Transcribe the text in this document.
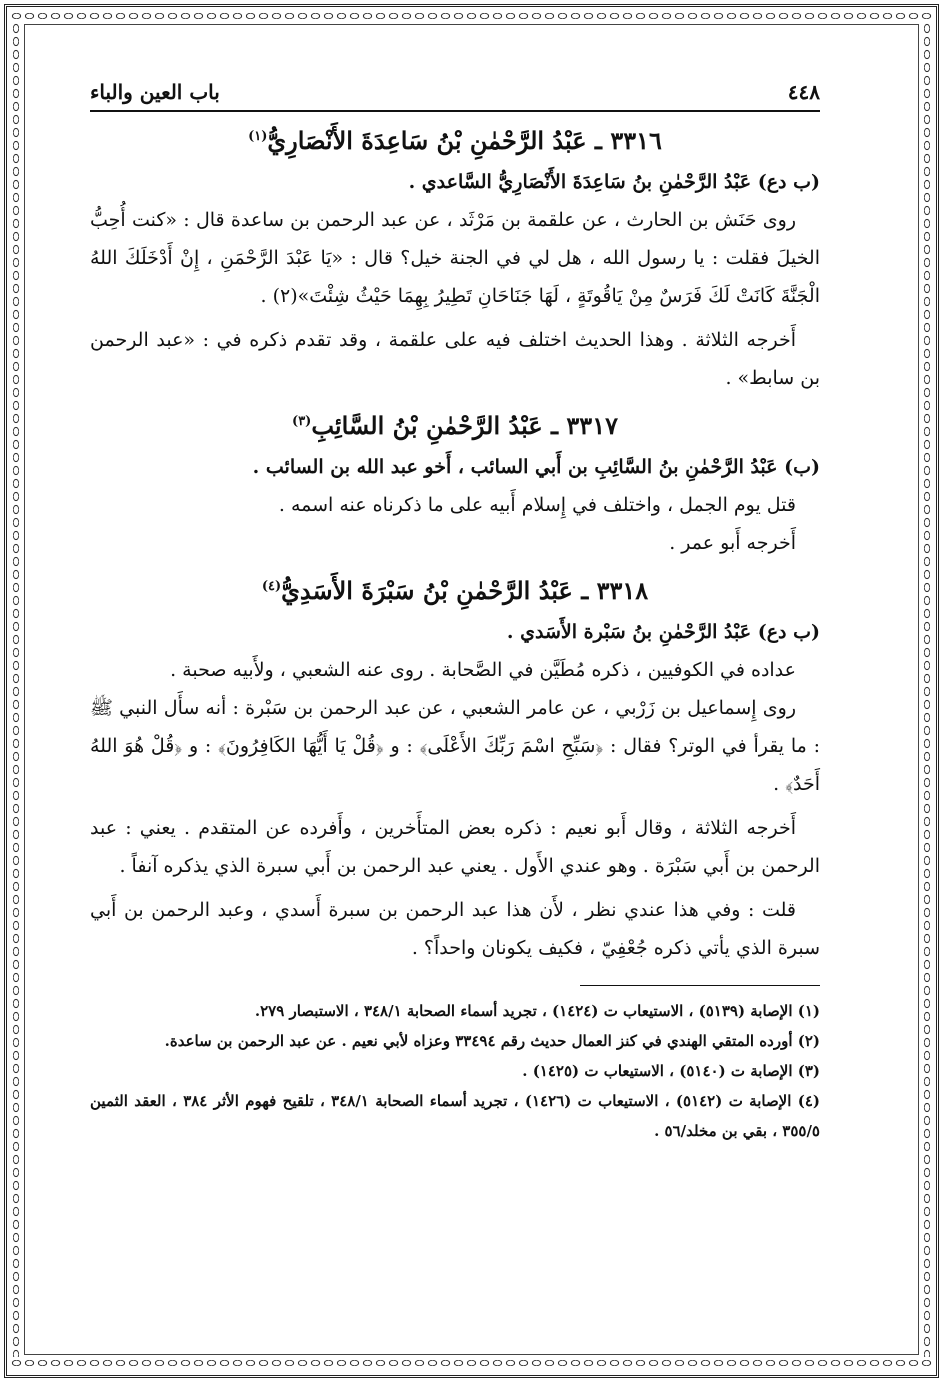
٤٤٨
باب العين والباء
٣٣١٦ ـ عَبْدُ الرَّحْمٰنِ بْنُ سَاعِدَةَ الأَنْصَارِيُّ$^{(١)}$

(ب دع) عَبْدُ الرَّحْمٰنِ بنُ سَاعِدَةَ الأَنْصَارِيُّ السَّاعدي .

روى حَنَش بن الحارث ، عن علقمة بن مَرْثَد ، عن عبد الرحمن بن ساعدة قال : «كنت أُحِبُّ الخيلَ فقلت : يا رسول الله ، هل لي في الجنة خيل؟ قال : «يَا عَبْدَ الرَّحْمَنِ ، إِنْ أَدْخَلَكَ اللهُ الْجَنَّةَ كَانَتْ لَكَ فَرَسٌ مِنْ يَاقُوتَةٍ ، لَهَا جَنَاحَانِ تَطِيرُ بِهِمَا حَيْثُ شِئْتَ»(٢) .

أَخرجه الثلاثة . وهذا الحديث اختلف فيه على علقمة ، وقد تقدم ذكره في : «عبد الرحمن بن سابط» .

٣٣١٧ ـ عَبْدُ الرَّحْمٰنِ بْنُ السَّائِبِ$^{(٣)}$

(ب) عَبْدُ الرَّحْمٰنِ بنُ السَّائِبِ بن أَبي السائب ، أَخو عبد الله بن السائب .

قتل يوم الجمل ، واختلف في إِسلام أَبيه على ما ذكرناه عنه اسمه .

أَخرجه أَبو عمر .

٣٣١٨ ـ عَبْدُ الرَّحْمٰنِ بْنُ سَبْرَةَ الأَسَدِيُّ$^{(٤)}$

(ب دع) عَبْدُ الرَّحْمٰنِ بنُ سَبْرة الأَسَدي .

عداده في الكوفيين ، ذكره مُطَيَّن في الصَّحابة . روى عنه الشعبي ، ولأَبيه صحبة .

روى إِسماعيل بن زَرْبي ، عن عامر الشعبي ، عن عبد الرحمن بن سَبْرة : أنه سأَل النبي ﷺ : ما يقرأ في الوتر؟ فقال : ﴿سَبِّحِ اسْمَ رَبِّكَ الأَعْلَى﴾ : و ﴿قُلْ يَا أَيُّهَا الكَافِرُونَ﴾ : و ﴿قُلْ هُوَ اللهُ أَحَدٌ﴾ .

أَخرجه الثلاثة ، وقال أَبو نعيم : ذكره بعض المتأَخرين ، وأَفرده عن المتقدم . يعني : عبد الرحمن بن أَبي سَبْرَة . وهو عندي الأَول . يعني عبد الرحمن بن أَبي سبرة الذي يذكره آنفاً .

قلت : وفي هذا عندي نظر ، لأَن هذا عبد الرحمن بن سبرة أَسدي ، وعبد الرحمن بن أَبي سبرة الذي يأتي ذكره جُعْفِيّ ، فكيف يكونان واحداً؟ .

(١) الإصابة (٥١٣٩) ، الاستيعاب ت (١٤٢٤) ، تجريد أسماء الصحابة ٣٤٨/١ ، الاستبصار ٢٧٩.

(٢) أورده المتقي الهندي في كنز العمال حديث رقم ٣٣٤٩٤ وعزاه لأبي نعيم . عن عبد الرحمن بن ساعدة.

(٣) الإصابة ت (٥١٤٠) ، الاستيعاب ت (١٤٢٥) .

(٤) الإصابة ت (٥١٤٢) ، الاستيعاب ت (١٤٢٦) ، تجريد أسماء الصحابة ٣٤٨/١ ، تلقيح فهوم الأثر ٣٨٤ ، العقد الثمين ٣٥٥/٥ ، بقي بن مخلد/٥٦ .
